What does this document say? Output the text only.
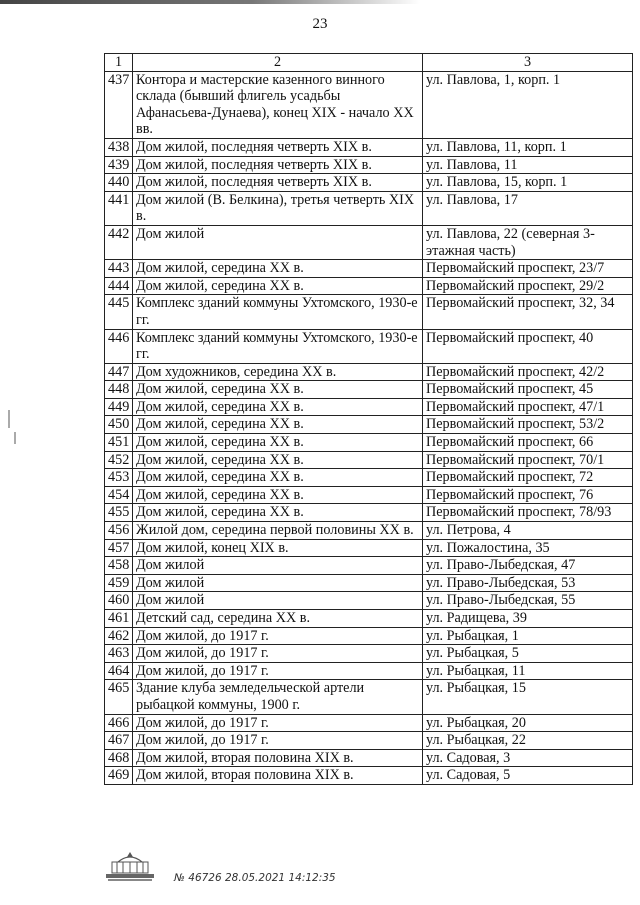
23
1	2	3
437	Контора и мастерские казенного винного склада (бывший флигель усадьбы Афанасьева-Дунаева), конец XIX - начало XX вв.	ул. Павлова, 1, корп. 1
438	Дом жилой, последняя четверть XIX в.	ул. Павлова, 11, корп. 1
439	Дом жилой, последняя четверть XIX в.	ул. Павлова, 11
440	Дом жилой, последняя четверть XIX в.	ул. Павлова, 15, корп. 1
441	Дом жилой (В. Белкина), третья четверть XIX в.	ул. Павлова, 17
442	Дом жилой	ул. Павлова, 22 (северная 3-этажная часть)
443	Дом жилой, середина XX в.	Первомайский проспект, 23/7
444	Дом жилой, середина XX в.	Первомайский проспект, 29/2
445	Комплекс зданий коммуны Ухтомского, 1930-е гг.	Первомайский проспект, 32, 34
446	Комплекс зданий коммуны Ухтомского, 1930-е гг.	Первомайский проспект, 40
447	Дом художников, середина XX в.	Первомайский проспект, 42/2
448	Дом жилой, середина XX в.	Первомайский проспект, 45
449	Дом жилой, середина XX в.	Первомайский проспект, 47/1
450	Дом жилой, середина XX в.	Первомайский проспект, 53/2
451	Дом жилой, середина XX в.	Первомайский проспект, 66
452	Дом жилой, середина XX в.	Первомайский проспект, 70/1
453	Дом жилой, середина XX в.	Первомайский проспект, 72
454	Дом жилой, середина XX в.	Первомайский проспект, 76
455	Дом жилой, середина XX в.	Первомайский проспект, 78/93
456	Жилой дом, середина первой половины XX в.	ул. Петрова, 4
457	Дом жилой, конец XIX в.	ул. Пожалостина, 35
458	Дом жилой	ул. Право-Лыбедская, 47
459	Дом жилой	ул. Право-Лыбедская, 53
460	Дом жилой	ул. Право-Лыбедская, 55
461	Детский сад, середина XX в.	ул. Радищева, 39
462	Дом жилой, до 1917 г.	ул. Рыбацкая, 1
463	Дом жилой, до 1917 г.	ул. Рыбацкая, 5
464	Дом жилой, до 1917 г.	ул. Рыбацкая, 11
465	Здание клуба земледельческой артели рыбацкой коммуны, 1900 г.	ул. Рыбацкая, 15
466	Дом жилой, до 1917 г.	ул. Рыбацкая, 20
467	Дом жилой, до 1917 г.	ул. Рыбацкая, 22
468	Дом жилой, вторая половина XIX в.	ул. Садовая, 3
469	Дом жилой, вторая половина XIX в.	ул. Садовая, 5
№ 46726 28.05.2021 14:12:35
